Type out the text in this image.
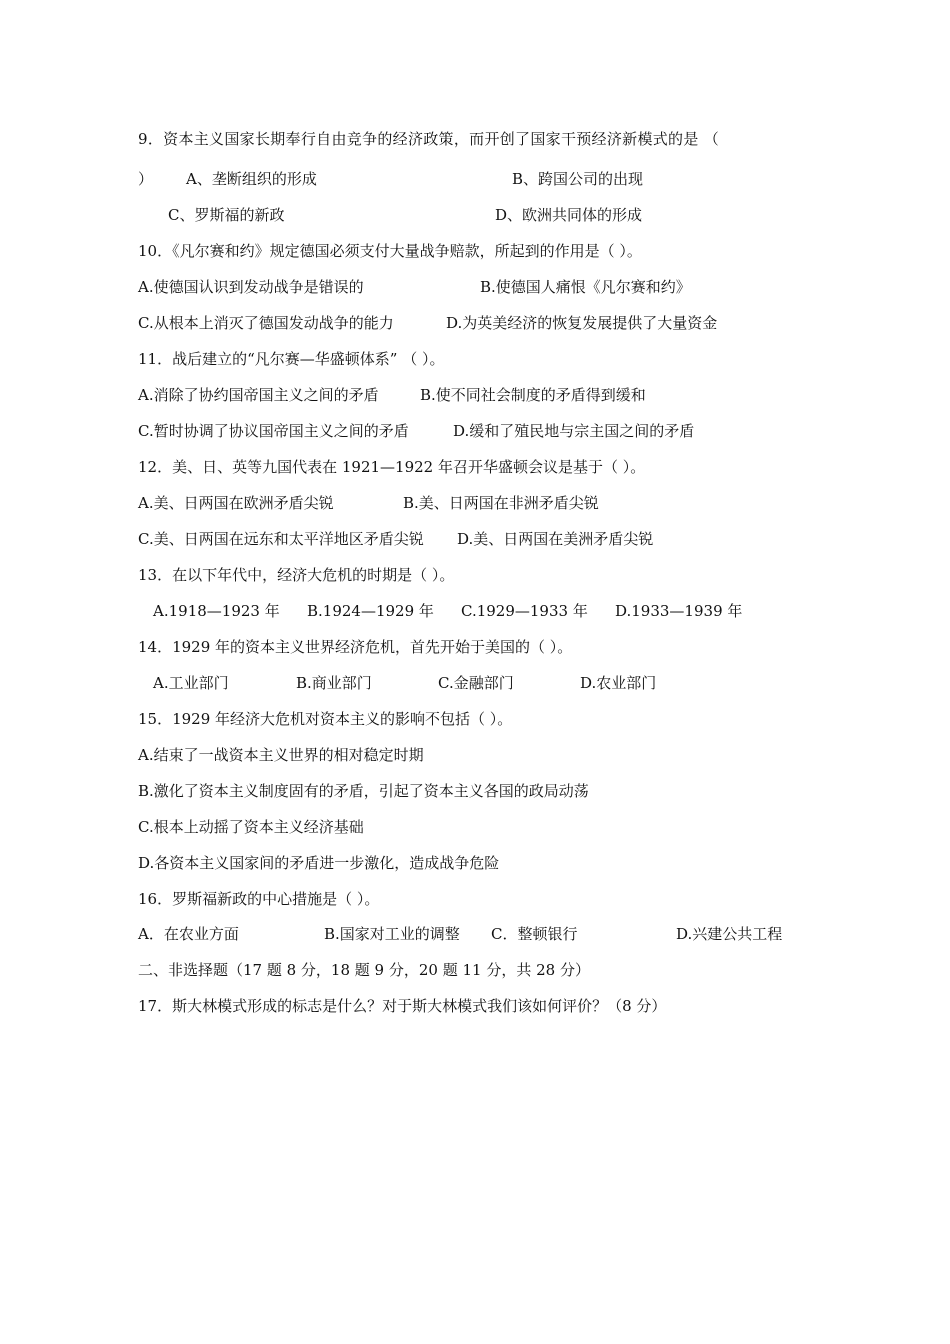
9．资本主义国家长期奉行自由竞争的经济政策，而开创了国家干预经济新模式的是 （
） A、垄断组织的形成	B、跨国公司的出现
C、罗斯福的新政	D、欧洲共同体的形成
10．《凡尔赛和约》规定德国必须支付大量战争赔款，所起到的作用是（ ）。
A.使德国认识到发动战争是错误的	B.使德国人痛恨《凡尔赛和约》
C.从根本上消灭了德国发动战争的能力	D.为英美经济的恢复发展提供了大量资金
11．战后建立的“凡尔赛—华盛顿体系” （ ）。
A.消除了协约国帝国主义之间的矛盾	B.使不同社会制度的矛盾得到缓和
C.暂时协调了协议国帝国主义之间的矛盾	D.缓和了殖民地与宗主国之间的矛盾
12．美、日、英等九国代表在 1921—1922 年召开华盛顿会议是基于（ ）。
A.美、日两国在欧洲矛盾尖锐	B.美、日两国在非洲矛盾尖锐
C.美、日两国在远东和太平洋地区矛盾尖锐 D.美、日两国在美洲矛盾尖锐
13．在以下年代中，经济大危机的时期是（ ）。
A.1918—1923 年 B.1924—1929 年 C.1929—1933 年 D.1933—1939 年
14．1929 年的资本主义世界经济危机，首先开始于美国的（ ）。
A.工业部门	B.商业部门	C.金融部门	D.农业部门
15．1929 年经济大危机对资本主义的影响不包括（ ）。
A.结束了一战资本主义世界的相对稳定时期
B.激化了资本主义制度固有的矛盾，引起了资本主义各国的政局动荡
C.根本上动摇了资本主义经济基础
D.各资本主义国家间的矛盾进一步激化，造成战争危险
16．罗斯福新政的中心措施是（ ）。
A．在农业方面	B.国家对工业的调整 C．整顿银行	D.兴建公共工程
二、非选择题（17 题 8 分，18 题 9 分，20 题 11 分，共 28 分）
17．斯大林模式形成的标志是什么？对于斯大林模式我们该如何评价？（8 分）
